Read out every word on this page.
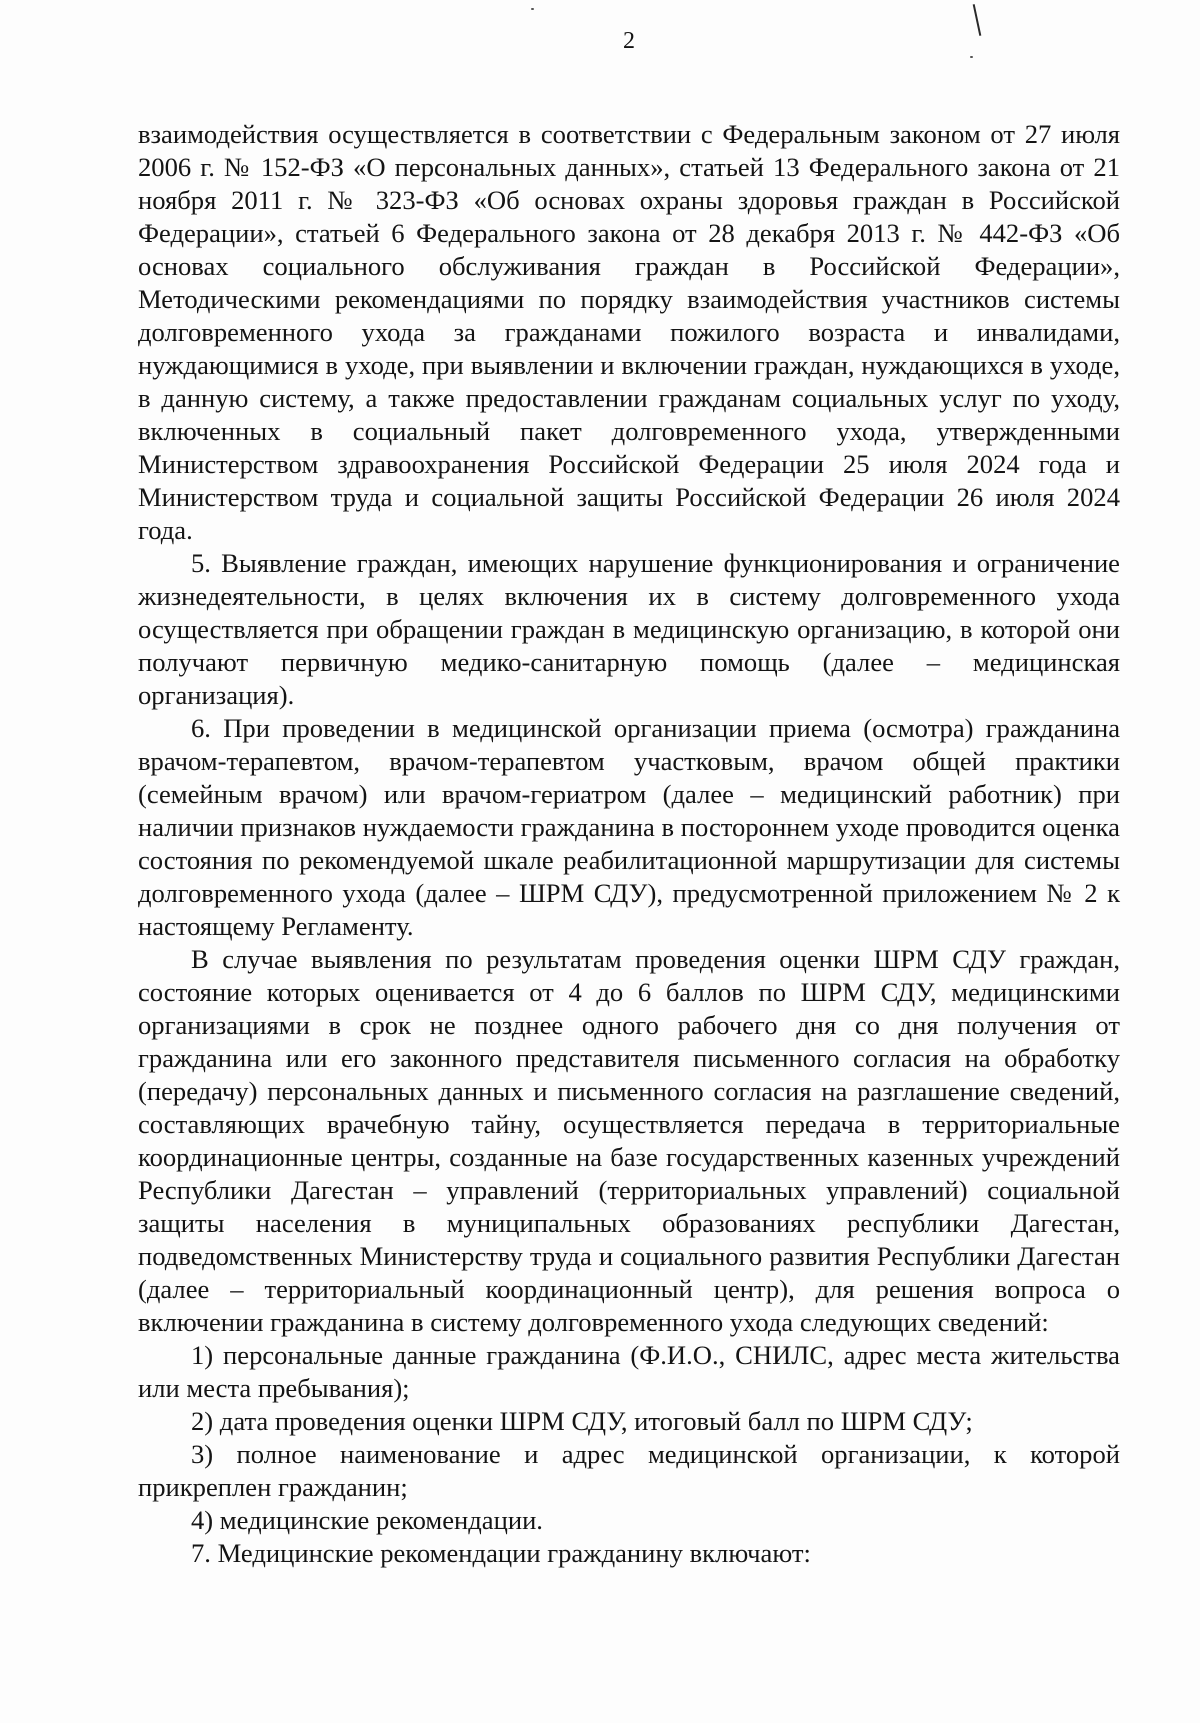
2

взаимодействия осуществляется в соответствии с Федеральным законом от 27 июля 2006 г. № 152-ФЗ «О персональных данных», статьей 13 Федерального закона от 21 ноября 2011 г. № 323-ФЗ «Об основах охраны здоровья граждан в Российской Федерации», статьей 6 Федерального закона от 28 декабря 2013 г. № 442-ФЗ «Об основах социального обслуживания граждан в Российской Федерации», Методическими рекомендациями по порядку взаимодействия участников системы долговременного ухода за гражданами пожилого возраста и инвалидами, нуждающимися в уходе, при выявлении и включении граждан, нуждающихся в уходе, в данную систему, а также предоставлении гражданам социальных услуг по уходу, включенных в социальный пакет долговременного ухода, утвержденными Министерством здравоохранения Российской Федерации 25 июля 2024 года и Министерством труда и социальной защиты Российской Федерации 26 июля 2024 года.

5. Выявление граждан, имеющих нарушение функционирования и ограничение жизнедеятельности, в целях включения их в систему долговременного ухода осуществляется при обращении граждан в медицинскую организацию, в которой они получают первичную медико-санитарную помощь (далее – медицинская организация).

6. При проведении в медицинской организации приема (осмотра) гражданина врачом-терапевтом, врачом-терапевтом участковым, врачом общей практики (семейным врачом) или врачом-гериатром (далее – медицинский работник) при наличии признаков нуждаемости гражданина в постороннем уходе проводится оценка состояния по рекомендуемой шкале реабилитационной маршрутизации для системы долговременного ухода (далее – ШРМ СДУ), предусмотренной приложением № 2 к настоящему Регламенту.

В случае выявления по результатам проведения оценки ШРМ СДУ граждан, состояние которых оценивается от 4 до 6 баллов по ШРМ СДУ, медицинскими организациями в срок не позднее одного рабочего дня со дня получения от гражданина или его законного представителя письменного согласия на обработку (передачу) персональных данных и письменного согласия на разглашение сведений, составляющих врачебную тайну, осуществляется передача в территориальные координационные центры, созданные на базе государственных казенных учреждений Республики Дагестан – управлений (территориальных управлений) социальной защиты населения в муниципальных образованиях республики Дагестан, подведомственных Министерству труда и социального развития Республики Дагестан (далее – территориальный координационный центр), для решения вопроса о включении гражданина в систему долговременного ухода следующих сведений:

1) персональные данные гражданина (Ф.И.О., СНИЛС, адрес места жительства или места пребывания);

2) дата проведения оценки ШРМ СДУ, итоговый балл по ШРМ СДУ;

3) полное наименование и адрес медицинской организации, к которой прикреплен гражданин;

4) медицинские рекомендации.

7. Медицинские рекомендации гражданину включают:
